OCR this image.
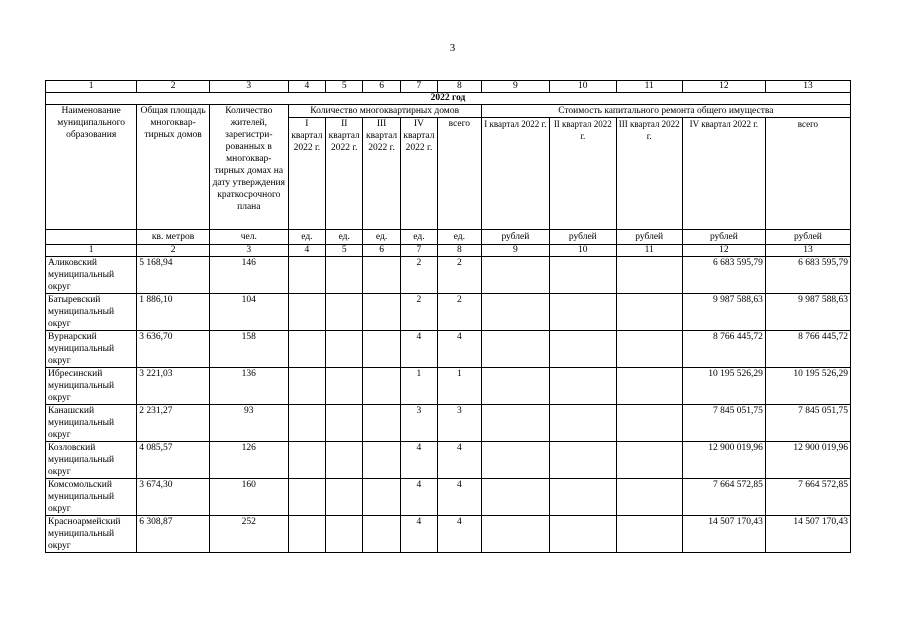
3
1	2	3	4	5	6	7	8	9	10	11	12	13
2022 год												
Наименование муниципального образования	Общая площадь многоквар-тирных домов	Количество жителей, зарегистри-рованных в многоквар-тирных домах на дату утверждения краткосрочного плана	Количество многоквартирных домов					Стоимость капитального ремонта общего имущества				
			I квартал 2022 г.	II квартал 2022 г.	III квартал 2022 г.	IV квартал 2022 г.	всего	I квартал 2022 г.	II квартал 2022 г.	III квартал 2022 г.	IV квартал 2022 г.	всего
	кв. метров	чел.	ед.	ед.	ед.	ед.	ед.	рублей	рублей	рублей	рублей	рублей
1	2	3	4	5	6	7	8	9	10	11	12	13
Аликовский муниципальный округ	5 168,94	146				2	2				6 683 595,79	6 683 595,79
Батыревский муниципальный округ	1 886,10	104				2	2				9 987 588,63	9 987 588,63
Вурнарский муниципальный округ	3 636,70	158				4	4				8 766 445,72	8 766 445,72
Ибресинский муниципальный округ	3 221,03	136				1	1				10 195 526,29	10 195 526,29
Канашский муниципальный округ	2 231,27	93				3	3				7 845 051,75	7 845 051,75
Козловский муниципальный округ	4 085,57	126				4	4				12 900 019,96	12 900 019,96
Комсомольский муниципальный округ	3 674,30	160				4	4				7 664 572,85	7 664 572,85
Красноармейский муниципальный округ	6 308,87	252				4	4				14 507 170,43	14 507 170,43
